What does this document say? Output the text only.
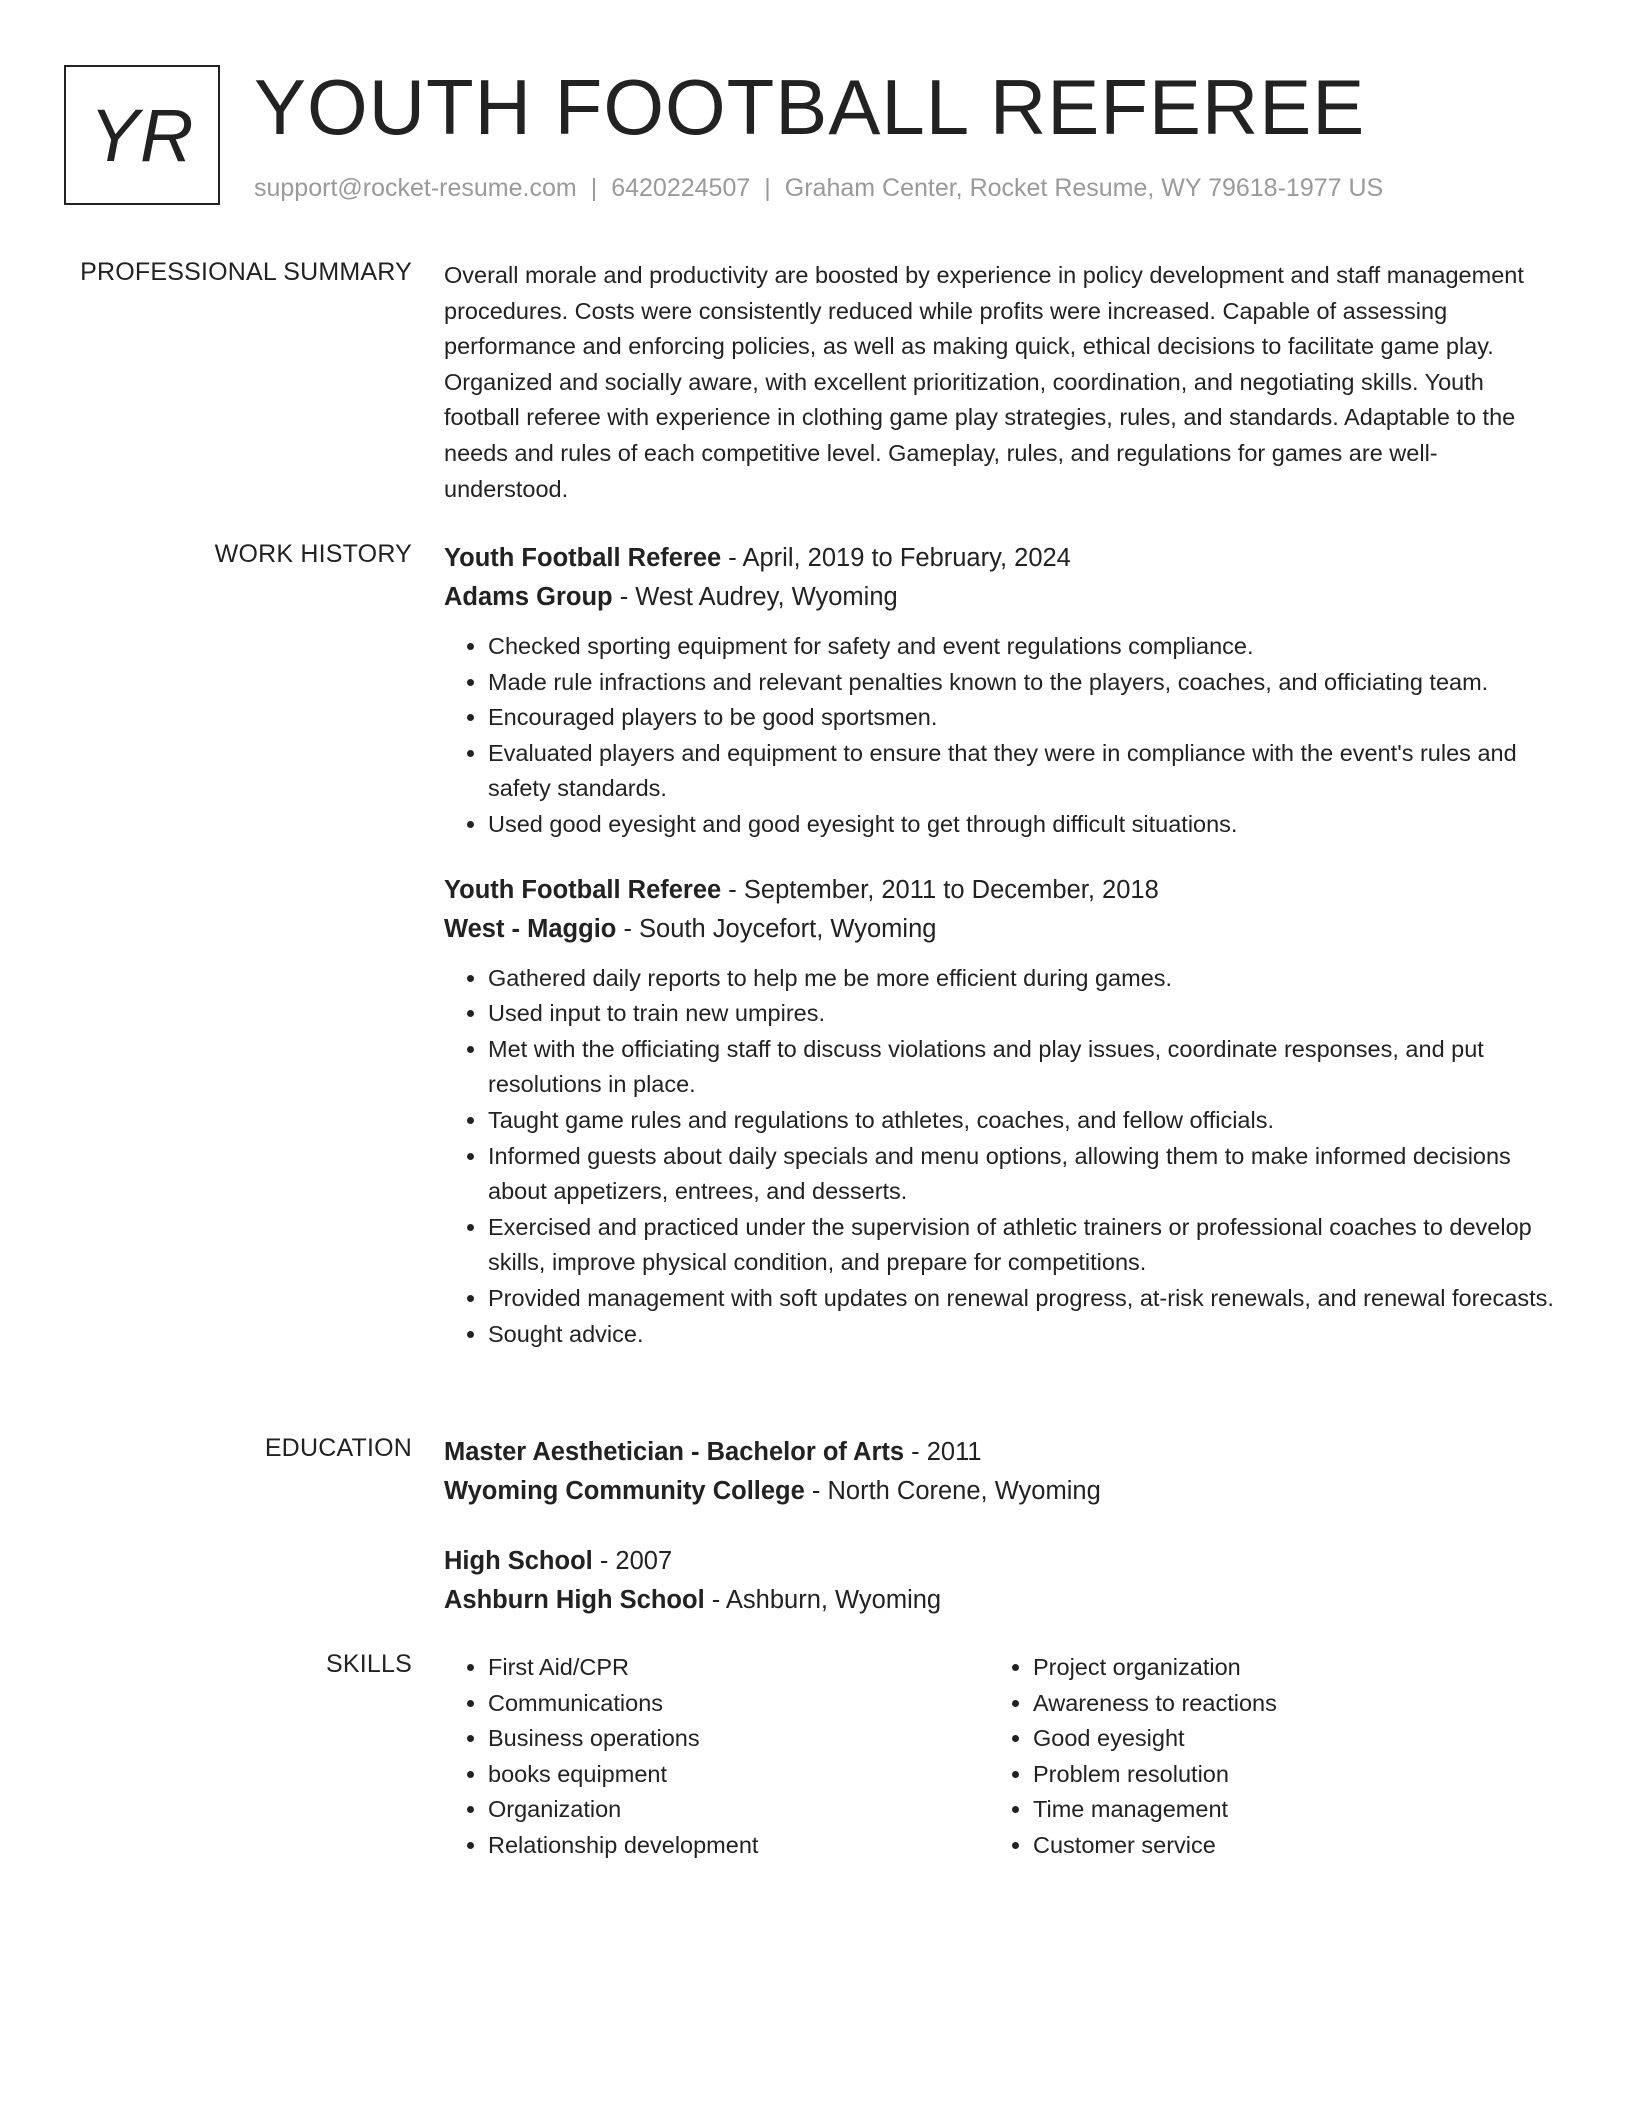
YR YOUTH FOOTBALL REFEREE
support@rocket-resume.com | 6420224507 | Graham Center, Rocket Resume, WY 79618-1977 US
PROFESSIONAL SUMMARY Overall morale and productivity are boosted by experience in policy development and staff management procedures. Costs were consistently reduced while profits were increased. Capable of assessing performance and enforcing policies, as well as making quick, ethical decisions to facilitate game play. Organized and socially aware, with excellent prioritization, coordination, and negotiating skills. Youth football referee with experience in clothing game play strategies, rules, and standards. Adaptable to the needs and rules of each competitive level. Gameplay, rules, and regulations for games are well-understood.

WORK HISTORY Youth Football Referee - April, 2019 to February, 2024
Adams Group - West Audrey, Wyoming
• Checked sporting equipment for safety and event regulations compliance.
• Made rule infractions and relevant penalties known to the players, coaches, and officiating team.
• Encouraged players to be good sportsmen.
• Evaluated players and equipment to ensure that they were in compliance with the event's rules and safety standards.
• Used good eyesight and good eyesight to get through difficult situations.
Youth Football Referee - September, 2011 to December, 2018
West - Maggio - South Joycefort, Wyoming
• Gathered daily reports to help me be more efficient during games.
• Used input to train new umpires.
• Met with the officiating staff to discuss violations and play issues, coordinate responses, and put resolutions in place.
• Taught game rules and regulations to athletes, coaches, and fellow officials.
• Informed guests about daily specials and menu options, allowing them to make informed decisions about appetizers, entrees, and desserts.
• Exercised and practiced under the supervision of athletic trainers or professional coaches to develop skills, improve physical condition, and prepare for competitions.
• Provided management with soft updates on renewal progress, at-risk renewals, and renewal forecasts.
• Sought advice.
EDUCATION Master Aesthetician - Bachelor of Arts - 2011
Wyoming Community College - North Corene, Wyoming
High School - 2007
Ashburn High School - Ashburn, Wyoming
SKILLS
•	First Aid/CPR
• Communications
• Business operations
• books equipment
• Organization
• Relationship development
• Project organization
• Awareness to reactions
• Good eyesight
• Problem resolution
• Time management
• Customer service
